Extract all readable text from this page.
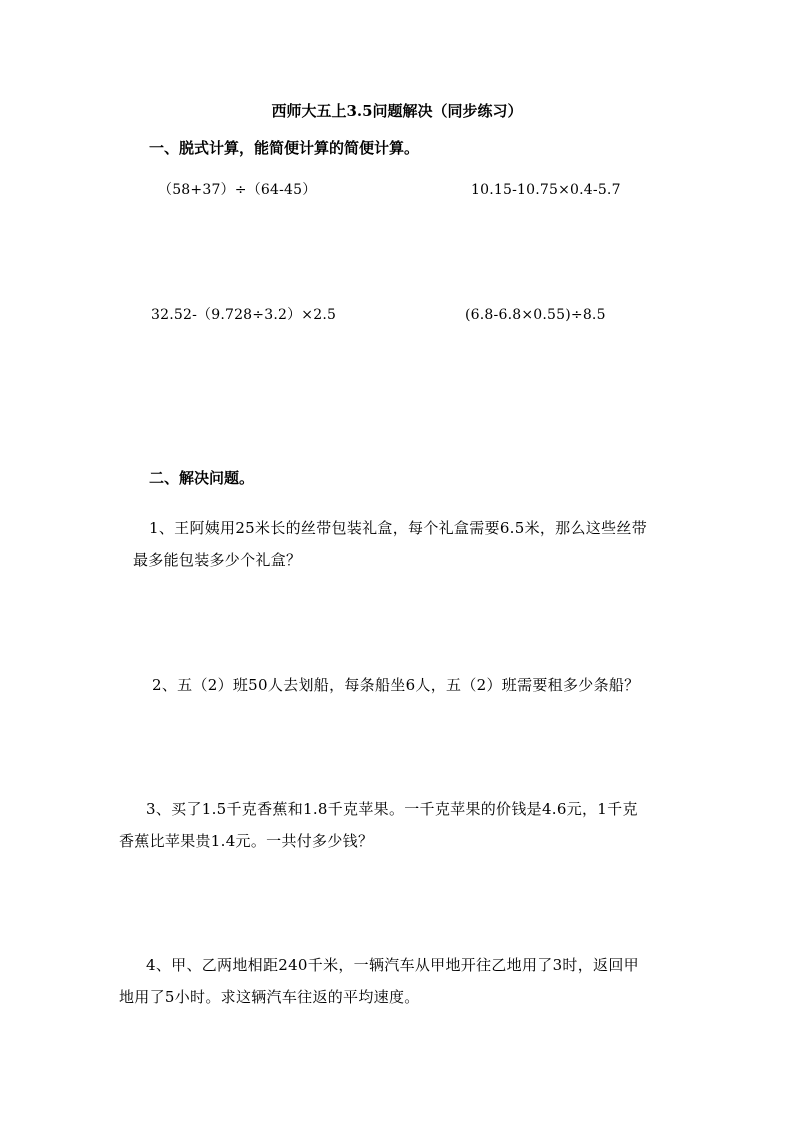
西师大五上3.5问题解决（同步练习）
一、脱式计算，能简便计算的简便计算。
（58+37）÷（64-45）	10.15-10.75×0.4-5.7
32.52-（9.728÷3.2）×2.5	(6.8-6.8×0.55)÷8.5
二、解决问题。
1、王阿姨用25米长的丝带包装礼盒，每个礼盒需要6.5米，那么这些丝带
最多能包装多少个礼盒？
2、五（2）班50人去划船，每条船坐6人，五（2）班需要租多少条船？
3、买了1.5千克香蕉和1.8千克苹果。一千克苹果的价钱是4.6元，1千克
香蕉比苹果贵1.4元。一共付多少钱？
4、甲、乙两地相距240千米，一辆汽车从甲地开往乙地用了3时，返回甲
地用了5小时。求这辆汽车往返的平均速度。
